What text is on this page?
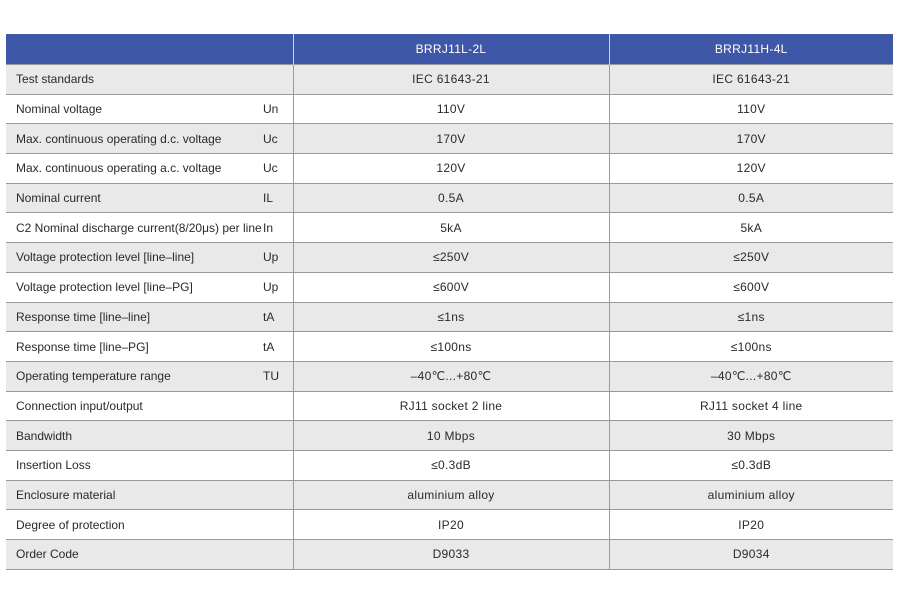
	BRRJ11L-2L	BRRJ11H-4L
Test standards	IEC 61643-21	IEC 61643-21
Nominal voltage Un	110V	110V
Max. continuous operating d.c. voltage Uc	170V	170V
Max. continuous operating a.c. voltage Uc	120V	120V
Nominal current IL	0.5A	0.5A
C2 Nominal discharge current(8/20μs) per line In	5kA	5kA
Voltage protection level [line–line] Up	≤250V	≤250V
Voltage protection level [line–PG] Up	≤600V	≤600V
Response time [line–line] tA	≤1ns	≤1ns
Response time [line–PG] tA	≤100ns	≤100ns
Operating temperature range TU	–40℃...+80℃	–40℃...+80℃
Connection input/output	RJ11 socket 2 line	RJ11 socket 4 line
Bandwidth	10 Mbps	30 Mbps
Insertion Loss	≤0.3dB	≤0.3dB
Enclosure material	aluminium alloy	aluminium alloy
Degree of protection	IP20	IP20
Order Code	D9033	D9034
